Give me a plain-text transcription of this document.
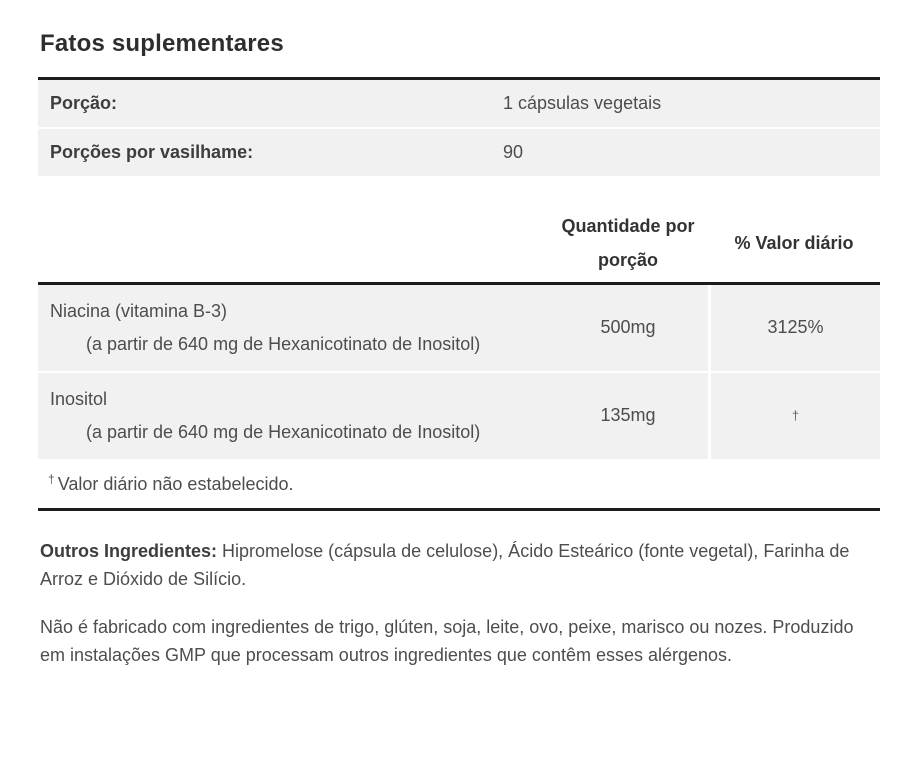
Fatos suplementares
Porção:	1 cápsulas vegetais
Porções por vasilhame:	90
Quantidade por porção
% Valor diário
Niacina (vitamina B-3)
(a partir de 640 mg de Hexanicotinato de Inositol)
500mg	3125%
Inositol
(a partir de 640 mg de Hexanicotinato de Inositol)
135mg	†
† Valor diário não estabelecido.

Outros Ingredientes: Hipromelose (cápsula de celulose), Ácido Esteárico (fonte vegetal), Farinha de Arroz e Dióxido de Silício.

Não é fabricado com ingredientes de trigo, glúten, soja, leite, ovo, peixe, marisco ou nozes. Produzido em instalações GMP que processam outros ingredientes que contêm esses alérgenos.
